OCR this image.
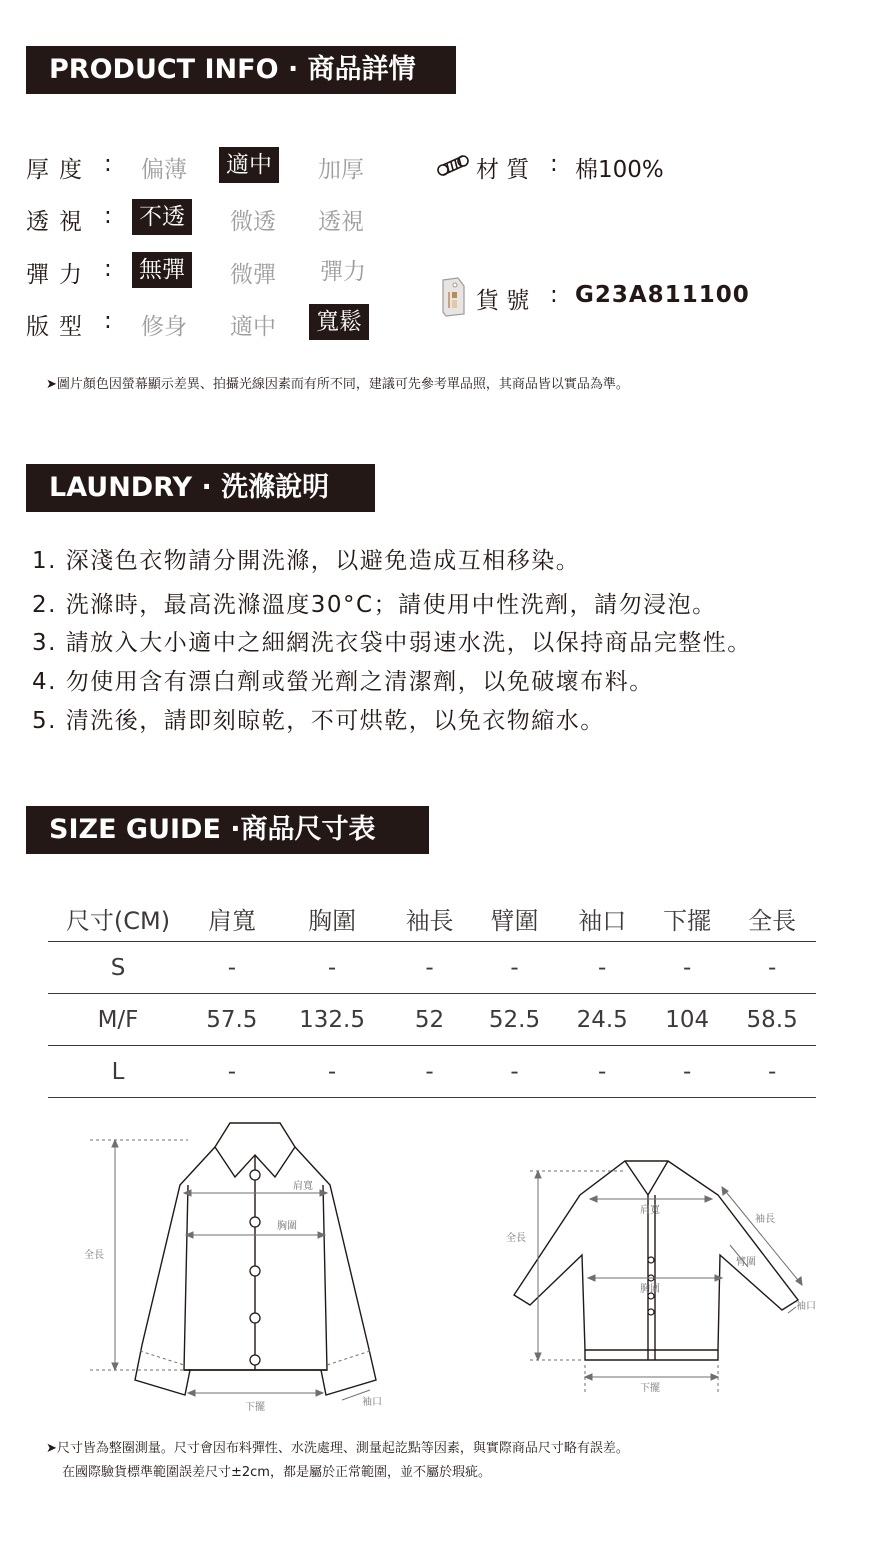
PRODUCT INFO · 商品詳情
厚度 : 偏薄	適中	加厚
透視 :	不透	微透 透視
彈力 :	無彈	微彈 彈力
版型 : 修身 適中	寬鬆
材 質 : 棉100%
貨 號 : G23A811100
➤圖片顏色因螢幕顯示差異、拍攝光線因素而有所不同，建議可先參考單品照，其商品皆以實品為準。
LAUNDRY · 洗滌說明
1. 深淺色衣物請分開洗滌，以避免造成互相移染。
2. 洗滌時，最高洗滌溫度30°C；請使用中性洗劑，請勿浸泡。
3. 請放入大小適中之細網洗衣袋中弱速水洗，以保持商品完整性。
4. 勿使用含有漂白劑或螢光劑之清潔劑，以免破壞布料。
5. 清洗後，請即刻晾乾，不可烘乾，以免衣物縮水。
SIZE GUIDE ·商品尺寸表
尺寸(CM)	肩寬	胸圍	袖長	臂圍	袖口	下擺	全長
S	-	-	-	-	-	-	-
M/F	57.5	132.5	52	52.5	24.5	104	58.5
L	-	-	-	-	-	-	-
肩寬
胸圍
全長
下擺	袖口
肩寬
胸圍
全長
下擺
袖長
臂圍
袖口
➤尺寸皆為整圈測量。尺寸會因布料彈性、水洗處理、測量起訖點等因素，與實際商品尺寸略有誤差。
在國際驗貨標準範圍誤差尺寸±2cm，都是屬於正常範圍，並不屬於瑕疵。
